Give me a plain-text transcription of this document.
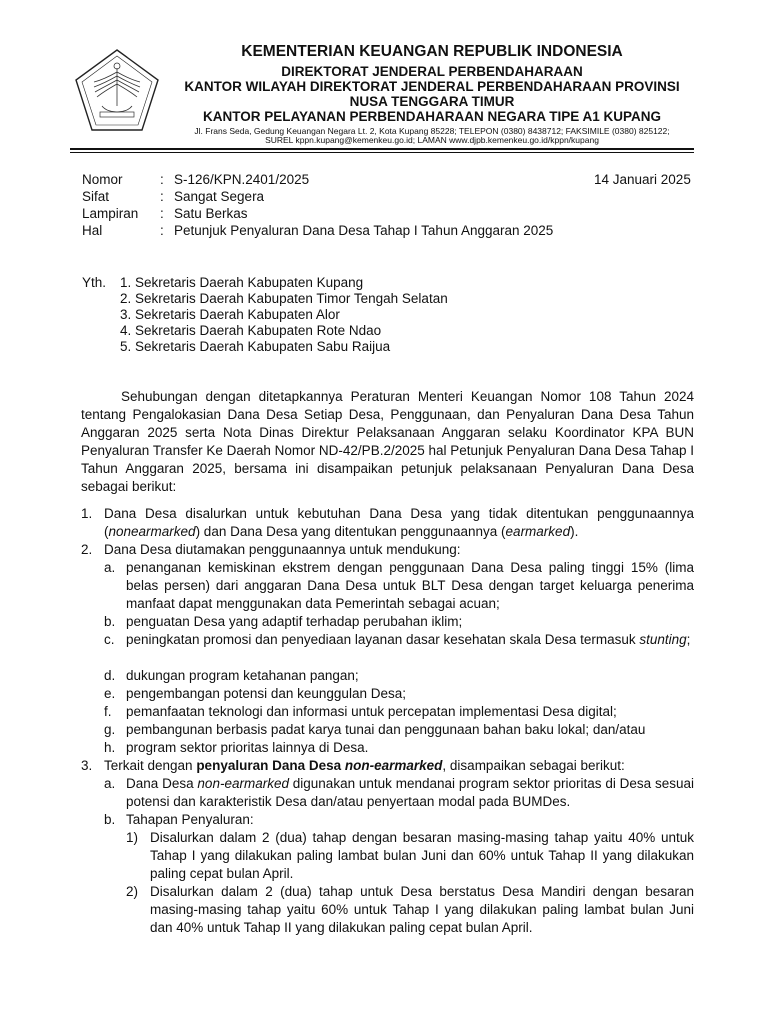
KEMENTERIAN KEUANGAN REPUBLIK INDONESIA
DIREKTORAT JENDERAL PERBENDAHARAAN
KANTOR WILAYAH DIREKTORAT JENDERAL PERBENDAHARAAN PROVINSI
NUSA TENGGARA TIMUR
KANTOR PELAYANAN PERBENDAHARAAN NEGARA TIPE A1 KUPANG
Jl. Frans Seda, Gedung Keuangan Negara Lt. 2, Kota Kupang 85228; TELEPON (0380) 8438712; FAKSIMILE (0380) 825122;
SUREL kppn.kupang@kemenkeu.go.id; LAMAN www.djpb.kemenkeu.go.id/kppn/kupang
Nomor	: S-126/KPN.2401/2025	14 Januari 2025
Sifat	: Sangat Segera
Lampiran : Satu Berkas
Hal	: Petunjuk Penyaluran Dana Desa Tahap I Tahun Anggaran 2025
Yth. 1. Sekretaris Daerah Kabupaten Kupang
2. Sekretaris Daerah Kabupaten Timor Tengah Selatan
3. Sekretaris Daerah Kabupaten Alor
4. Sekretaris Daerah Kabupaten Rote Ndao
5. Sekretaris Daerah Kabupaten Sabu Raijua

Sehubungan dengan ditetapkannya Peraturan Menteri Keuangan Nomor 108 Tahun 2024 tentang Pengalokasian Dana Desa Setiap Desa, Penggunaan, dan Penyaluran Dana Desa Tahun Anggaran 2025 serta Nota Dinas Direktur Pelaksanaan Anggaran selaku Koordinator KPA BUN Penyaluran Transfer Ke Daerah Nomor ND-42/PB.2/2025 hal Petunjuk Penyaluran Dana Desa Tahap I Tahun Anggaran 2025, bersama ini disampaikan petunjuk pelaksanaan Penyaluran Dana Desa sebagai berikut:

1. Dana Desa disalurkan untuk kebutuhan Dana Desa yang tidak ditentukan penggunaannya (nonearmarked) dan Dana Desa yang ditentukan penggunaannya (earmarked).
2. Dana Desa diutamakan penggunaannya untuk mendukung:
a. penanganan kemiskinan ekstrem dengan penggunaan Dana Desa paling tinggi 15% (lima belas persen) dari anggaran Dana Desa untuk BLT Desa dengan target keluarga penerima manfaat dapat menggunakan data Pemerintah sebagai acuan;
b. penguatan Desa yang adaptif terhadap perubahan iklim;
c. peningkatan promosi dan penyediaan layanan dasar kesehatan skala Desa termasuk stunting;
d. dukungan program ketahanan pangan;
e. pengembangan potensi dan keunggulan Desa;
f. pemanfaatan teknologi dan informasi untuk percepatan implementasi Desa digital;
g. pembangunan berbasis padat karya tunai dan penggunaan bahan baku lokal; dan/atau
h. program sektor prioritas lainnya di Desa.
3. Terkait dengan penyaluran Dana Desa non-earmarked, disampaikan sebagai berikut:
a. Dana Desa non-earmarked digunakan untuk mendanai program sektor prioritas di Desa sesuai potensi dan karakteristik Desa dan/atau penyertaan modal pada BUMDes.
b. Tahapan Penyaluran:
1) Disalurkan dalam 2 (dua) tahap dengan besaran masing-masing tahap yaitu 40% untuk Tahap I yang dilakukan paling lambat bulan Juni dan 60% untuk Tahap II yang dilakukan paling cepat bulan April.
2) Disalurkan dalam 2 (dua) tahap untuk Desa berstatus Desa Mandiri dengan besaran masing-masing tahap yaitu 60% untuk Tahap I yang dilakukan paling lambat bulan Juni dan 40% untuk Tahap II yang dilakukan paling cepat bulan April.
